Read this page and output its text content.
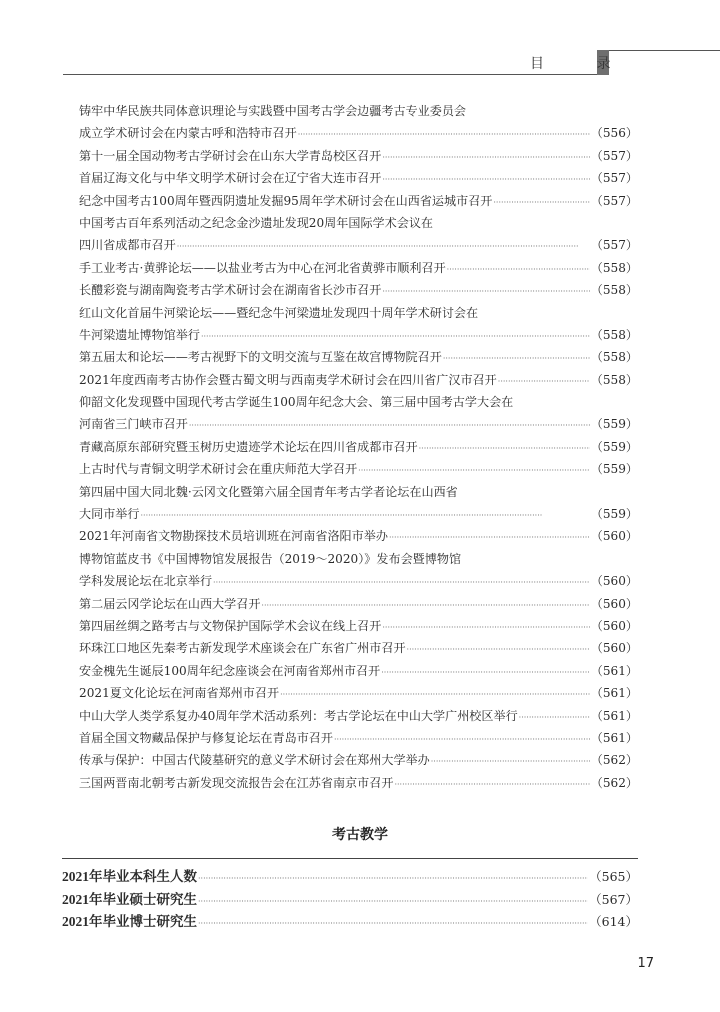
目 录
铸牢中华民族共同体意识理论与实践暨中国考古学会边疆考古专业委员会
成立学术研讨会在内蒙古呼和浩特市召开 ·····	（556）
第十一届全国动物考古学研讨会在山东大学青岛校区召开 ·····	（557）
首届辽海文化与中华文明学术研讨会在辽宁省大连市召开 ·····	（557）
纪念中国考古100周年暨西阴遗址发掘95周年学术研讨会在山西省运城市召开 ·····	（557）
中国考古百年系列活动之纪念金沙遗址发现20周年国际学术会议在
四川省成都市召开 ·····	（557）
手工业考古·黄骅论坛——以盐业考古为中心在河北省黄骅市顺利召开 ·····	（558）
长醴彩瓷与湖南陶瓷考古学术研讨会在湖南省长沙市召开 ·····	（558）
红山文化首届牛河梁论坛——暨纪念牛河梁遗址发现四十周年学术研讨会在
牛河梁遗址博物馆举行 ·····	（558）
第五届太和论坛——考古视野下的文明交流与互鉴在故宫博物院召开 ·····	（558）
2021年度西南考古协作会暨古蜀文明与西南夷学术研讨会在四川省广汉市召开 ·····	（558）
仰韶文化发现暨中国现代考古学诞生100周年纪念大会、第三届中国考古学大会在
河南省三门峡市召开 ·····	（559）
青藏高原东部研究暨玉树历史遗迹学术论坛在四川省成都市召开 ·····	（559）
上古时代与青铜文明学术研讨会在重庆师范大学召开 ·····	（559）
第四届中国大同北魏·云冈文化暨第六届全国青年考古学者论坛在山西省
大同市举行 ·····	（559）
2021年河南省文物勘探技术员培训班在河南省洛阳市举办 ·····	（560）
博物馆蓝皮书《中国博物馆发展报告（2019～2020）》发布会暨博物馆
学科发展论坛在北京举行 ·····	（560）
第二届云冈学论坛在山西大学召开 ·····	（560）
第四届丝绸之路考古与文物保护国际学术会议在线上召开 ·····	（560）
环珠江口地区先秦考古新发现学术座谈会在广东省广州市召开 ·····	（560）
安金槐先生诞辰100周年纪念座谈会在河南省郑州市召开 ·····	（561）
2021夏文化论坛在河南省郑州市召开 ·····	（561）
中山大学人类学系复办40周年学术活动系列：考古学论坛在中山大学广州校区举行 ·····	（561）
首届全国文物藏品保护与修复论坛在青岛市召开 ·····	（561）
传承与保护：中国古代陵墓研究的意义学术研讨会在郑州大学举办 ·····	（562）
三国两晋南北朝考古新发现交流报告会在江苏省南京市召开 ·····	（562）
考古教学
2021年毕业本科生人数 ·····	（565）
2021年毕业硕士研究生 ·····	（567）
2021年毕业博士研究生 ·····	（614）
17
